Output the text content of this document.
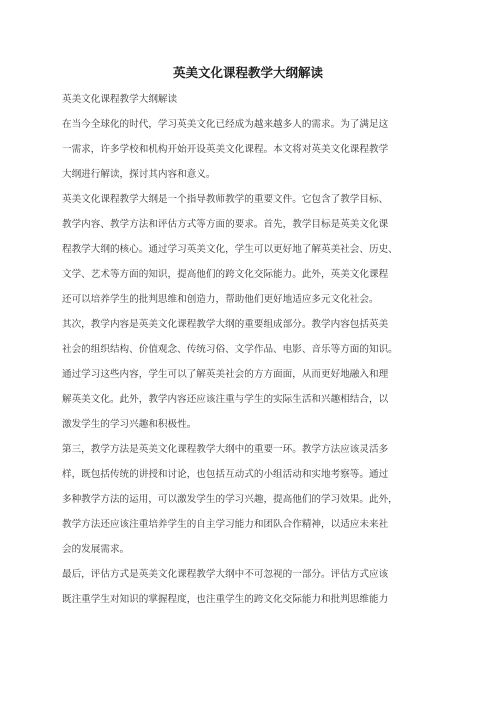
英美文化课程教学大纲解读
英美文化课程教学大纲解读
在当今全球化的时代，学习英美文化已经成为越来越多人的需求。为了满足这
一需求，许多学校和机构开始开设英美文化课程。本文将对英美文化课程教学
大纲进行解读，探讨其内容和意义。
英美文化课程教学大纲是一个指导教师教学的重要文件。它包含了教学目标、
教学内容、教学方法和评估方式等方面的要求。首先，教学目标是英美文化课
程教学大纲的核心。通过学习英美文化，学生可以更好地了解英美社会、历史、
文学、艺术等方面的知识，提高他们的跨文化交际能力。此外，英美文化课程
还可以培养学生的批判思维和创造力，帮助他们更好地适应多元文化社会。
其次，教学内容是英美文化课程教学大纲的重要组成部分。教学内容包括英美
社会的组织结构、价值观念、传统习俗、文学作品、电影、音乐等方面的知识。
通过学习这些内容，学生可以了解英美社会的方方面面，从而更好地融入和理
解英美文化。此外，教学内容还应该注重与学生的实际生活和兴趣相结合，以
激发学生的学习兴趣和积极性。
第三，教学方法是英美文化课程教学大纲中的重要一环。教学方法应该灵活多
样，既包括传统的讲授和讨论，也包括互动式的小组活动和实地考察等。通过
多种教学方法的运用，可以激发学生的学习兴趣，提高他们的学习效果。此外，
教学方法还应该注重培养学生的自主学习能力和团队合作精神，以适应未来社
会的发展需求。
最后，评估方式是英美文化课程教学大纲中不可忽视的一部分。评估方式应该
既注重学生对知识的掌握程度，也注重学生的跨文化交际能力和批判思维能力
